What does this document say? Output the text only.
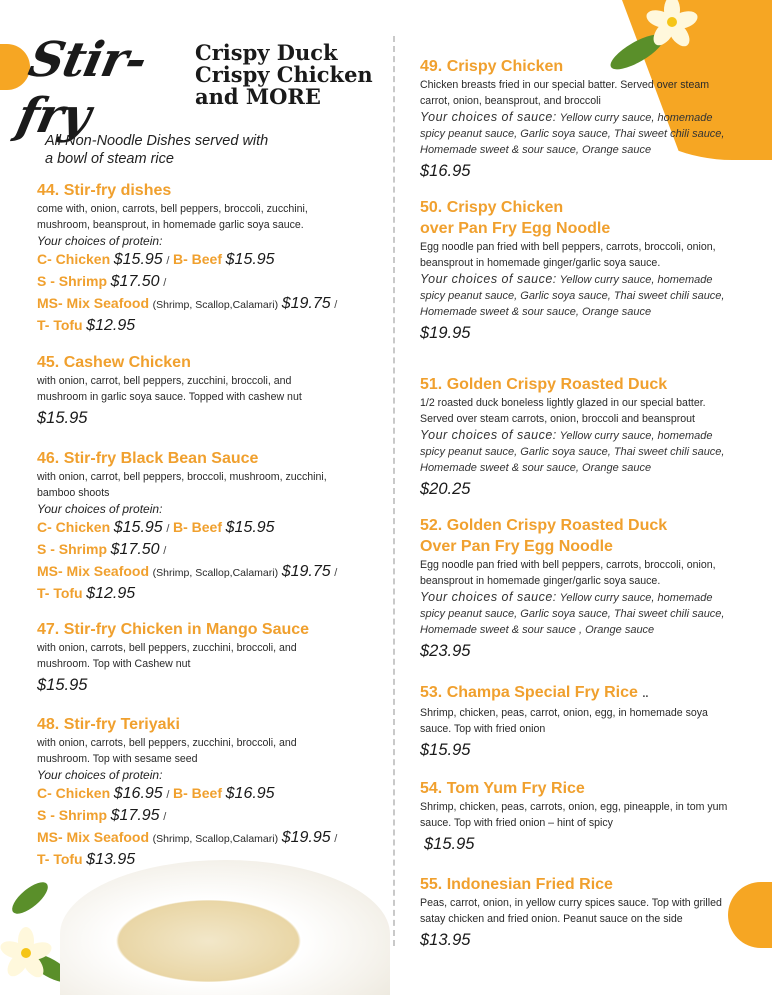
Stir-fry
Crispy Duck
Crispy Chicken
and MORE
All Non-Noodle Dishes served with
a bowl of steam rice
44. Stir-fry dishes

come with, onion, carrots, bell peppers, broccoli, zucchini,
mushroom, beansprout, in homemade garlic soya sauce.

Your choices of protein:

C- Chicken $15.95 / B- Beef $15.95

S - Shrimp $17.50 /

MS- Mix Seafood (Shrimp, Scallop,Calamari) $19.75 /

T- Tofu $12.95

45. Cashew Chicken

with onion, carrot, bell peppers, zucchini, broccoli, and
mushroom in garlic soya sauce. Topped with cashew nut

$15.95

46. Stir-fry Black Bean Sauce

with onion, carrot, bell peppers, broccoli, mushroom, zucchini,
bamboo shoots

Your choices of protein:

C- Chicken $15.95 / B- Beef $15.95

S - Shrimp $17.50 /

MS- Mix Seafood (Shrimp, Scallop,Calamari) $19.75 /

T- Tofu $12.95

47. Stir-fry Chicken in Mango Sauce

with onion, carrots, bell peppers, zucchini, broccoli, and
mushroom. Top with Cashew nut

$15.95

48. Stir-fry Teriyaki

with onion, carrots, bell peppers, zucchini, broccoli, and
mushroom. Top with sesame seed

Your choices of protein:

C- Chicken $16.95 / B- Beef $16.95

S - Shrimp $17.95 /

MS- Mix Seafood (Shrimp, Scallop,Calamari) $19.95 /

T- Tofu $13.95

49. Crispy Chicken

Chicken breasts fried in our special batter. Served over steam
carrot, onion, beansprout, and broccoli

Your choices of sauce: Yellow curry sauce, homemade
spicy peanut sauce, Garlic soya sauce, Thai sweet chili sauce,
Homemade sweet & sour sauce, Orange sauce

$16.95

50. Crispy Chicken
over Pan Fry Egg Noodle

Egg noodle pan fried with bell peppers, carrots, broccoli, onion,
beansprout in homemade ginger/garlic soya sauce.

Your choices of sauce: Yellow curry sauce, homemade
spicy peanut sauce, Garlic soya sauce, Thai sweet chili sauce,
Homemade sweet & sour sauce, Orange sauce

$19.95

51. Golden Crispy Roasted Duck

1/2 roasted duck boneless lightly glazed in our special batter.
Served over steam carrots, onion, broccoli and beansprout

Your choices of sauce: Yellow curry sauce, homemade
spicy peanut sauce, Garlic soya sauce, Thai sweet chili sauce,
Homemade sweet & sour sauce, Orange sauce

$20.25

52. Golden Crispy Roasted Duck
Over Pan Fry Egg Noodle

Egg noodle pan fried with bell peppers, carrots, broccoli, onion,
beansprout in homemade ginger/garlic soya sauce.

Your choices of sauce: Yellow curry sauce, homemade
spicy peanut sauce, Garlic soya sauce, Thai sweet chili sauce,
Homemade sweet & sour sauce , Orange sauce

$23.95

53. Champa Special Fry Rice ..

Shrimp, chicken, peas, carrot, onion, egg, in homemade soya
sauce. Top with fried onion

$15.95

54. Tom Yum Fry Rice

Shrimp, chicken, peas, carrots, onion, egg, pineapple, in tom yum
sauce. Top with fried onion – hint of spicy

$15.95

55. Indonesian Fried Rice

Peas, carrot, onion, in yellow curry spices sauce. Top with grilled
satay chicken and fried onion. Peanut sauce on the side

$13.95
